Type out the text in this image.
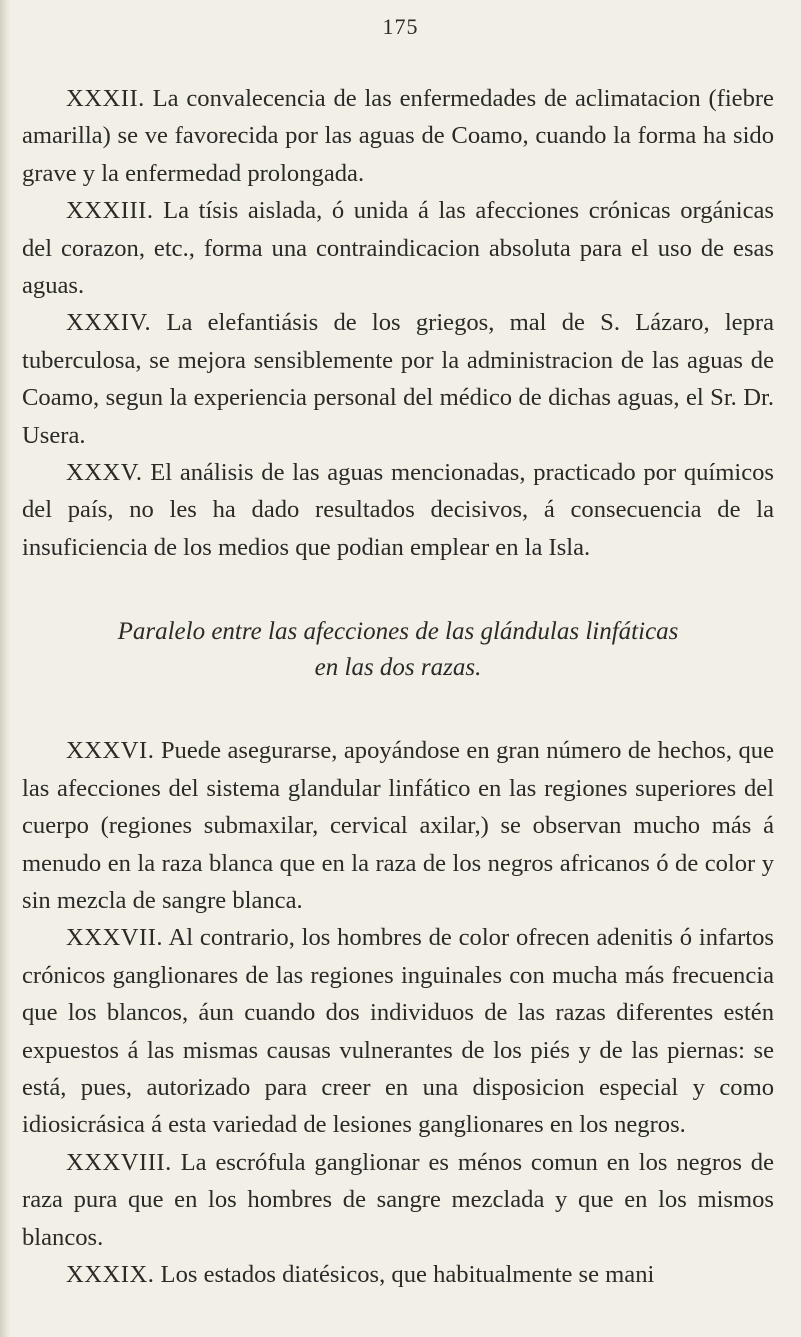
175

XXXII. La convalecencia de las enfermedades de aclimatacion (fiebre amarilla) se ve favorecida por las aguas de Coamo, cuando la forma ha sido grave y la enfermedad prolongada.

XXXIII. La tísis aislada, ó unida á las afecciones crónicas orgánicas del corazon, etc., forma una contraindicacion absoluta para el uso de esas aguas.

XXXIV. La elefantiásis de los griegos, mal de S. Lázaro, lepra tuberculosa, se mejora sensiblemente por la administracion de las aguas de Coamo, segun la experiencia personal del médico de dichas aguas, el Sr. Dr. Usera.

XXXV. El análisis de las aguas mencionadas, practicado por químicos del país, no les ha dado resultados decisivos, á consecuencia de la insuficiencia de los medios que podian emplear en la Isla.

Paralelo entre las afecciones de las glándulas linfáticas
en las dos razas.

XXXVI. Puede asegurarse, apoyándose en gran número de hechos, que las afecciones del sistema glandular linfático en las regiones superiores del cuerpo (regiones submaxilar, cervical axilar,) se observan mucho más á menudo en la raza blanca que en la raza de los negros africanos ó de color y sin mezcla de sangre blanca.

XXXVII. Al contrario, los hombres de color ofrecen adenitis ó infartos crónicos ganglionares de las regiones inguinales con mucha más frecuencia que los blancos, áun cuando dos individuos de las razas diferentes estén expuestos á las mismas causas vulnerantes de los piés y de las piernas: se está, pues, autorizado para creer en una disposicion especial y como idiosicrásica á esta variedad de lesiones ganglionares en los negros.

XXXVIII. La escrófula ganglionar es ménos comun en los negros de raza pura que en los hombres de sangre mezclada y que en los mismos blancos.

XXXIX. Los estados diatésicos, que habitualmente se mani
